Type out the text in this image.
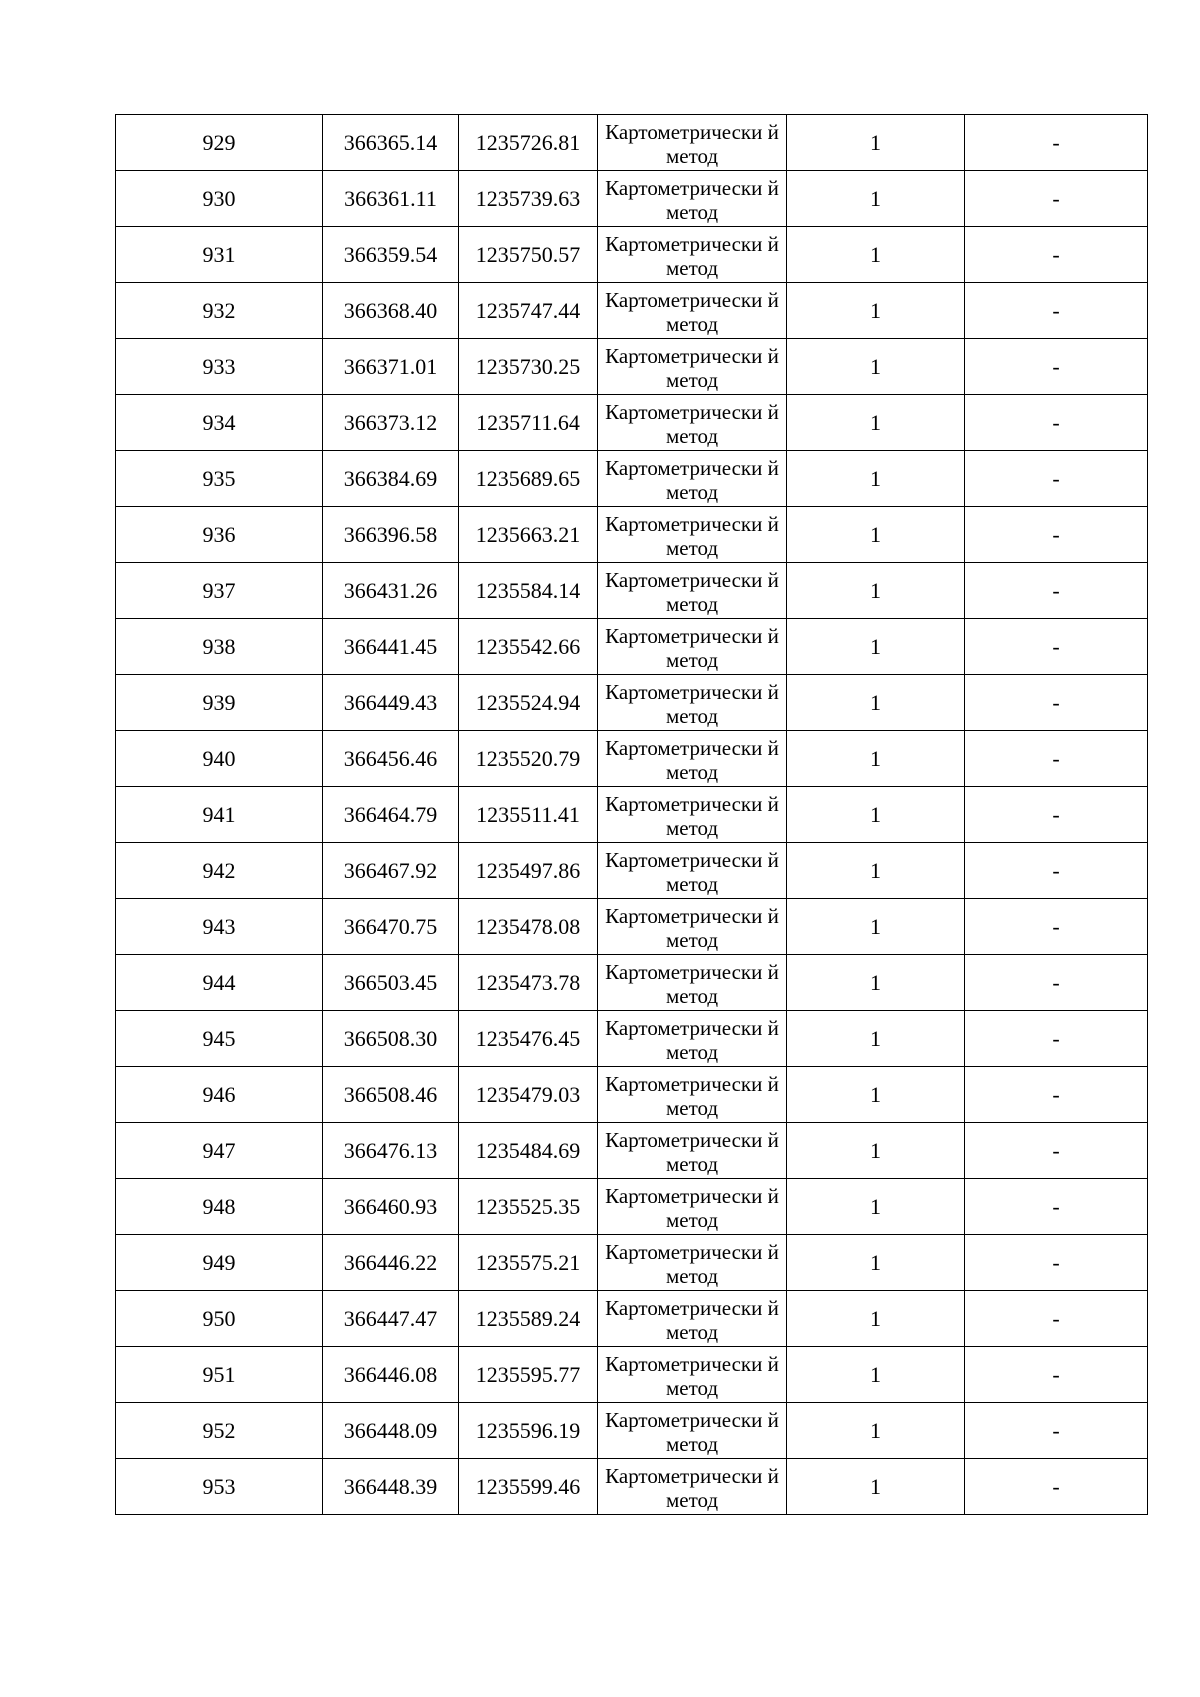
929	366365.14	1235726.81	Картометрически й метод	1	-
930	366361.11	1235739.63	Картометрически й метод	1	-
931	366359.54	1235750.57	Картометрически й метод	1	-
932	366368.40	1235747.44	Картометрически й метод	1	-
933	366371.01	1235730.25	Картометрически й метод	1	-
934	366373.12	1235711.64	Картометрически й метод	1	-
935	366384.69	1235689.65	Картометрически й метод	1	-
936	366396.58	1235663.21	Картометрически й метод	1	-
937	366431.26	1235584.14	Картометрически й метод	1	-
938	366441.45	1235542.66	Картометрически й метод	1	-
939	366449.43	1235524.94	Картометрически й метод	1	-
940	366456.46	1235520.79	Картометрически й метод	1	-
941	366464.79	1235511.41	Картометрически й метод	1	-
942	366467.92	1235497.86	Картометрически й метод	1	-
943	366470.75	1235478.08	Картометрически й метод	1	-
944	366503.45	1235473.78	Картометрически й метод	1	-
945	366508.30	1235476.45	Картометрически й метод	1	-
946	366508.46	1235479.03	Картометрически й метод	1	-
947	366476.13	1235484.69	Картометрически й метод	1	-
948	366460.93	1235525.35	Картометрически й метод	1	-
949	366446.22	1235575.21	Картометрически й метод	1	-
950	366447.47	1235589.24	Картометрически й метод	1	-
951	366446.08	1235595.77	Картометрически й метод	1	-
952	366448.09	1235596.19	Картометрически й метод	1	-
953	366448.39	1235599.46	Картометрически й метод	1	-
